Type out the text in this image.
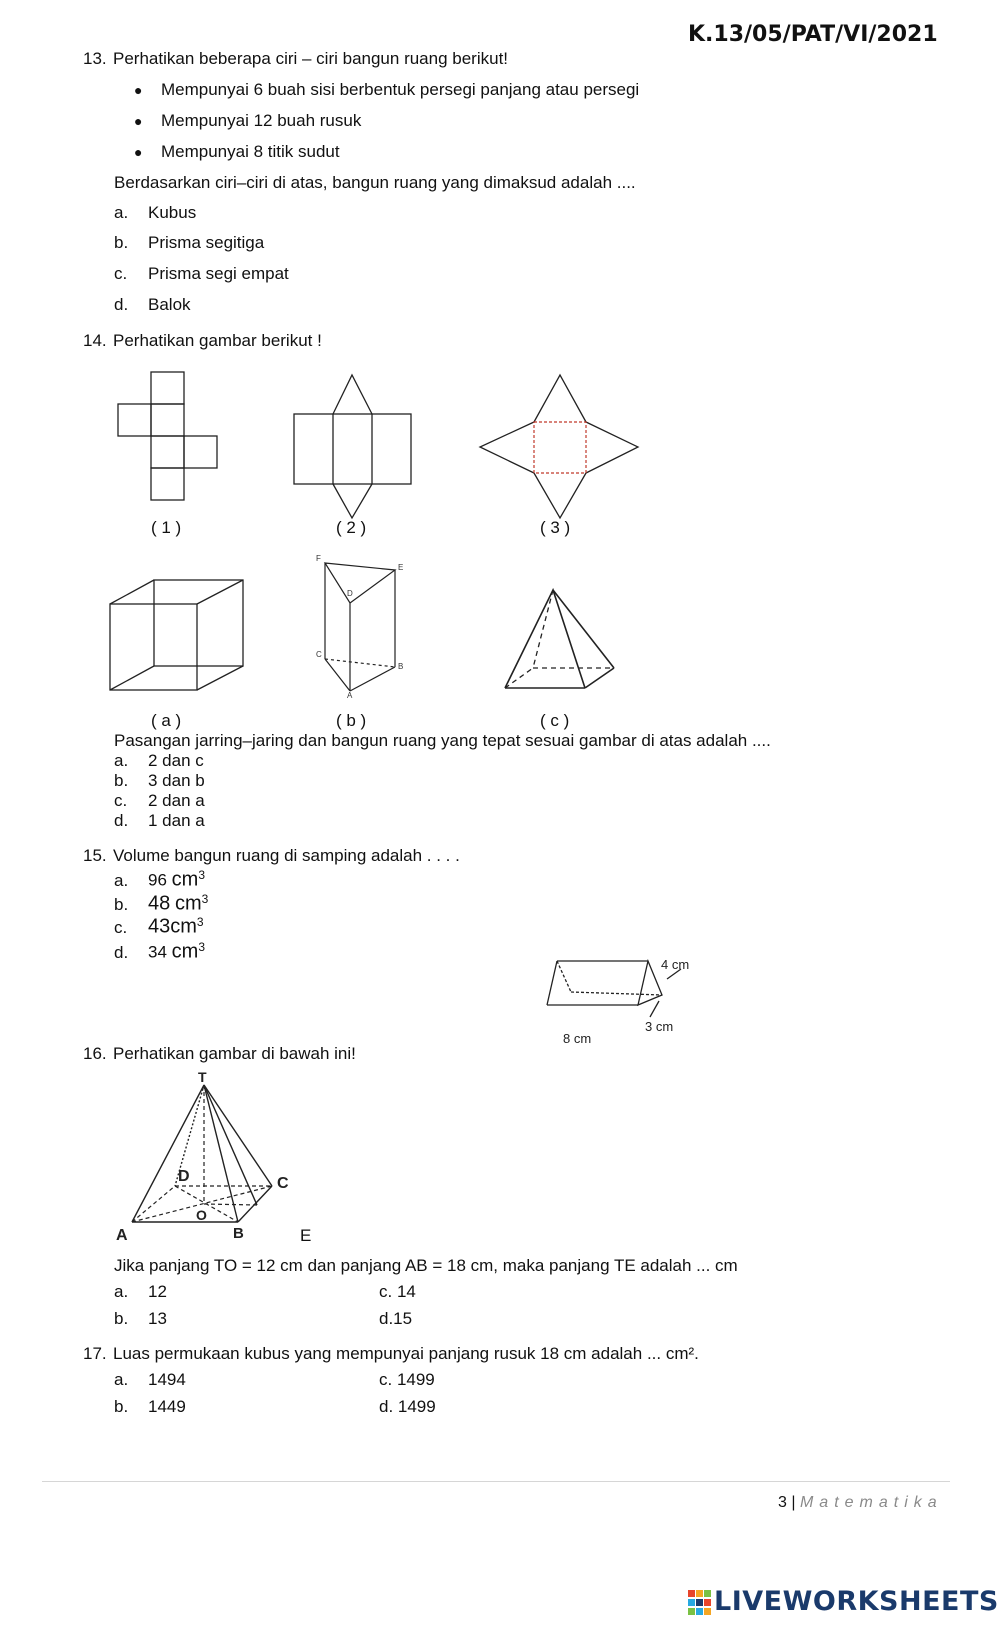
K.13/05/PAT/VI/2021
13. Perhatikan beberapa ciri – ciri bangun ruang berikut!
● Mempunyai 6 buah sisi berbentuk persegi panjang atau persegi
● Mempunyai 12 buah rusuk
● Mempunyai 8 titik sudut
Berdasarkan ciri–ciri di atas, bangun ruang yang dimaksud adalah ....
a. Kubus
b. Prisma segitiga
c. Prisma segi empat
d. Balok
14. Perhatikan gambar berikut !
( 1 )	( 2 )	( 3 )
F
E
D
C
B
A
( a )	( b )	( c )
Pasangan jarring–jaring dan bangun ruang yang tepat sesuai gambar di atas adalah ....
a. 2 dan c
b. 3 dan b
c. 2 dan a
d. 1 dan a
15. Volume bangun ruang di samping adalah . . . .
a. 96 $cm^3$
b. 48 $cm^3$
c. $43cm^3$
d. 34 $cm^3$
4 cm
3 cm
8 cm
16. Perhatikan gambar di bawah ini!
T
D	C
O
A	B	E
Jika panjang TO = 12 cm dan panjang AB = 18 cm, maka panjang TE adalah ... cm
a. 12	c. 14
b. 13	d.15
17. Luas permukaan kubus yang mempunyai panjang rusuk 18 cm adalah ... cm².
a. 1494	c. 1499
b. 1449	d. 1499
3 | Matematika
LIVEWORKSHEETS
